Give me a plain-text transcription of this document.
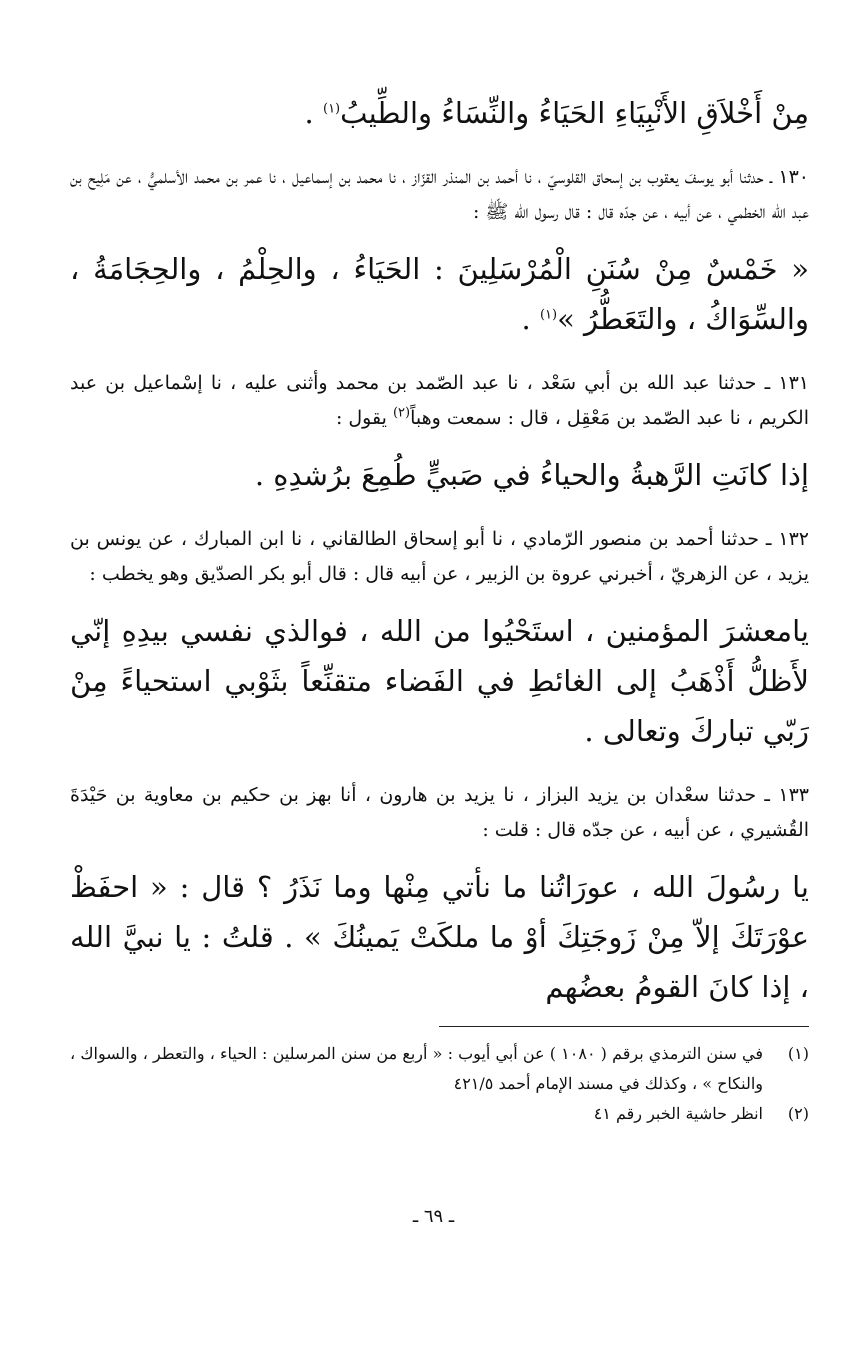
مِنْ أَخْلاَقِ الأَنْبِيَاءِ الحَيَاءُ والنِّسَاءُ والطِّيبُ$^{(١)}$ .
١٣٠ ـ حدثنا أبو يوسفَ يعقوب بن إسحاق القلوسيّ ، نا أحمد بن المنذر القزّاز ، نا محمد بن إسماعيل ، نا عمر بن محمد الأسلميُّ ، عن مَلِيح بن عبد الله الخطمي ، عن أبيه ، عن جدّه قال : قال رسول الله ﷺ :
« خَمْسٌ مِنْ سُنَنِ الْمُرْسَلِينَ : الحَيَاءُ ، والحِلْمُ ، والحِجَامَةُ ، والسِّوَاكُ ، والتَعَطُّرُ »$^{(١)}$ .
١٣١ ـ حدثنا عبد الله بن أبي سَعْد ، نا عبد الصّمد بن محمد وأثنى عليه ، نا إسْماعيل بن عبد الكريم ، نا عبد الصّمد بن مَعْقِل ، قال : سمعت وهباً$^{(٢)}$ يقول :
إذا كانَتِ الرَّهبةُ والحياءُ في صَبيٍّ طُمِعَ برُشدِهِ .
١٣٢ ـ حدثنا أحمد بن منصور الرّمادي ، نا أبو إسحاق الطالقاني ، نا ابن المبارك ، عن يونس بن يزيد ، عن الزهريّ ، أخبرني عروة بن الزبير ، عن أبيه قال : قال أبو بكر الصدّيق وهو يخطب :
يامعشرَ المؤمنين ، استَحْيُوا من الله ، فوالذي نفسي بيدِهِ إنّي لأَظلُّ أَذْهَبُ إلى الغائطِ في الفَضاء متقنِّعاً بثَوْبي استحياءً مِنْ رَبّي تباركَ وتعالى .
١٣٣ ـ حدثنا سعْدان بن يزيد البزاز ، نا يزيد بن هارون ، أنا بهز بن حكيم بن معاوية بن حَيْدَةَ القُشيري ، عن أبيه ، عن جدّه قال : قلت :
يا رسُولَ الله ، عورَاتُنا ما نأتي مِنْها وما نَذَرُ ؟ قال : « احفَظْ عوْرَتَكَ إلاّ مِنْ زَوجَتِكَ أوْ ما ملكَتْ يَمينُكَ » . قلتُ : يا نبيَّ الله ، إذا كانَ القومُ بعضُهم
(١)
في سنن الترمذي برقم ( ١٠٨٠ ) عن أبي أيوب : « أربع من سنن المرسلين : الحياء ، والتعطر ، والسواك ، والنكاح » ، وكذلك في مسند الإمام أحمد ٤٢١/٥
(٢)
انظر حاشية الخبر رقم ٤١
ـ ٦٩ ـ
